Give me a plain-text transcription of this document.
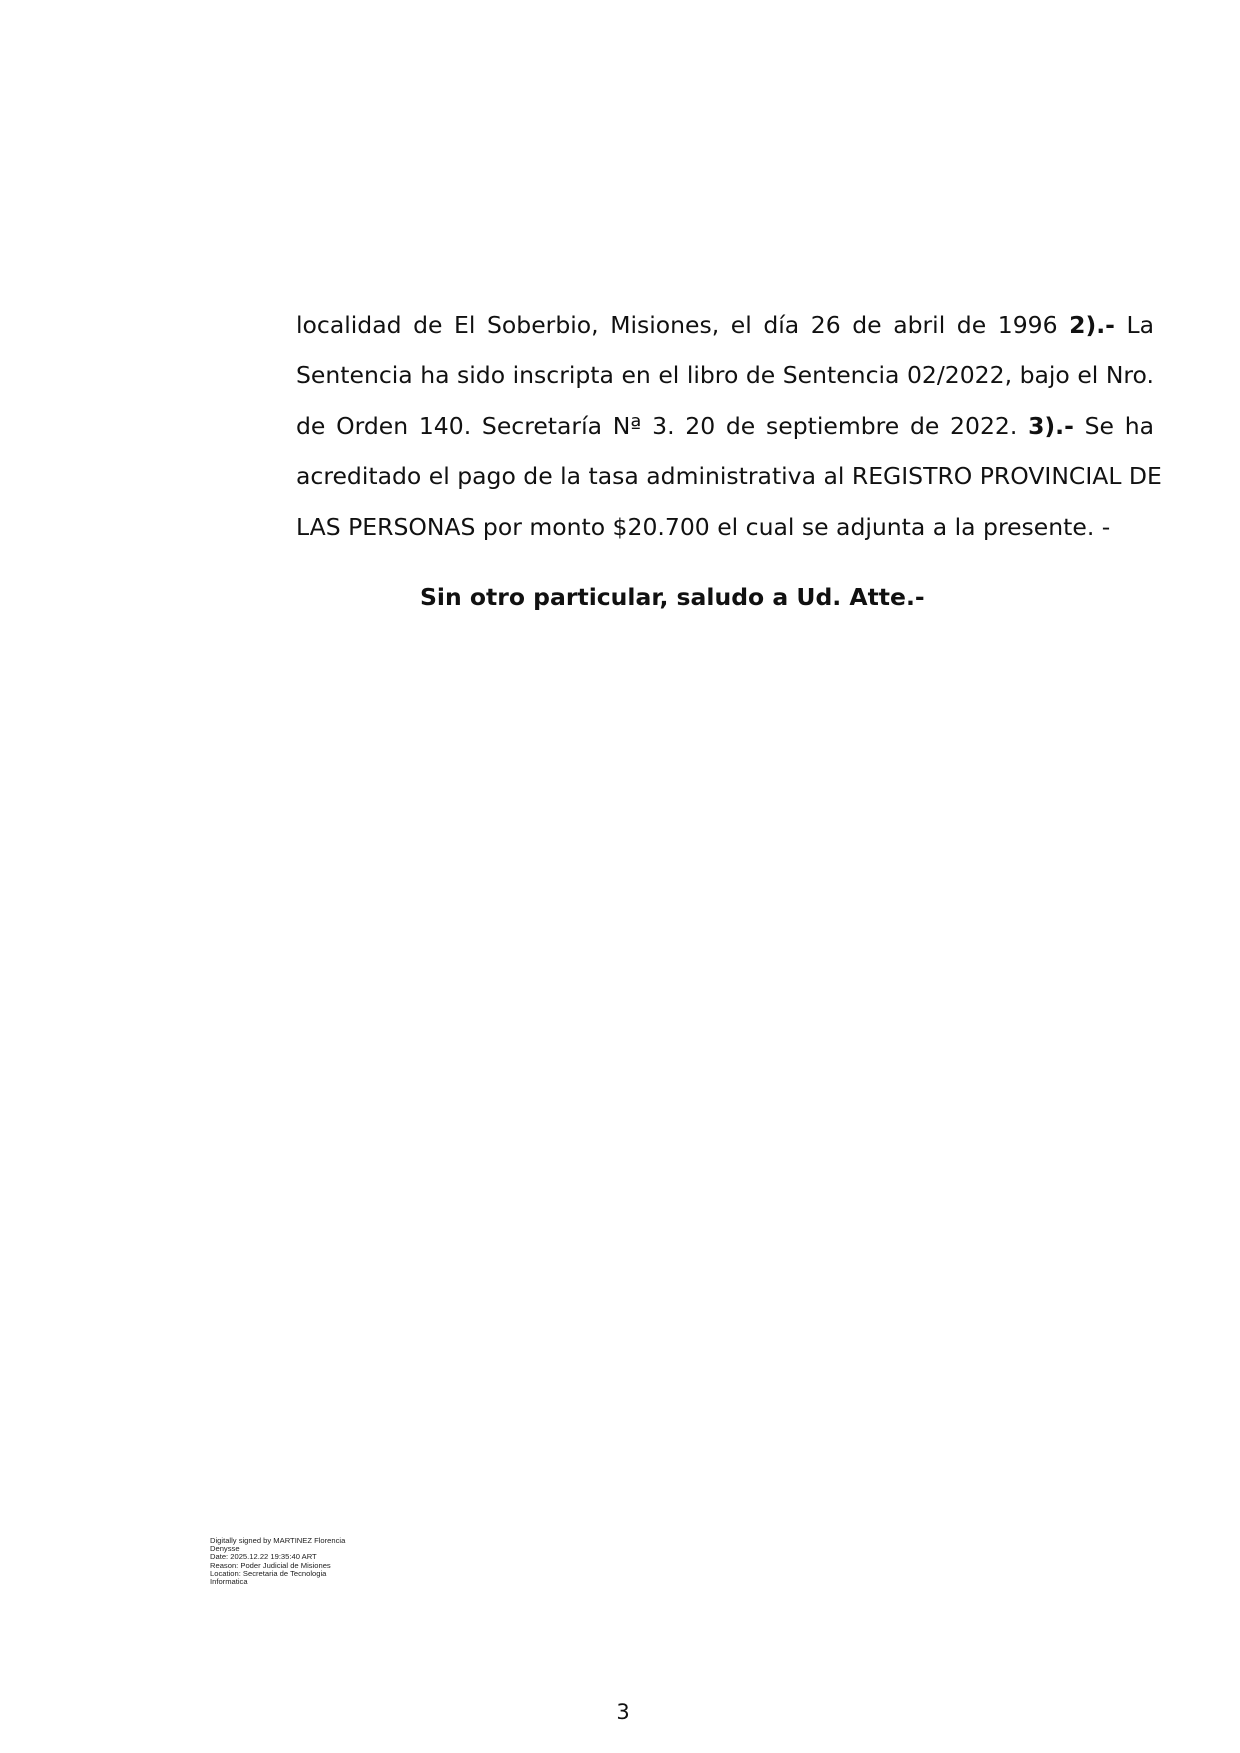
localidad de El Soberbio, Misiones, el día 26 de abril de 1996 2).- La
Sentencia ha sido inscripta en el libro de Sentencia 02/2022, bajo el Nro.
de Orden 140. Secretaría Nª 3. 20 de septiembre de 2022. 3).- Se ha
acreditado el pago de la tasa administrativa al REGISTRO PROVINCIAL DE
LAS PERSONAS por monto $20.700 el cual se adjunta a la presente. -
Sin otro particular, saludo a Ud. Atte.-
Digitally signed by MARTINEZ Florencia
Denysse
Date: 2025.12.22 19:35:40 ART
Reason: Poder Judicial de Misiones
Location: Secretaria de Tecnologia
Informatica
3
